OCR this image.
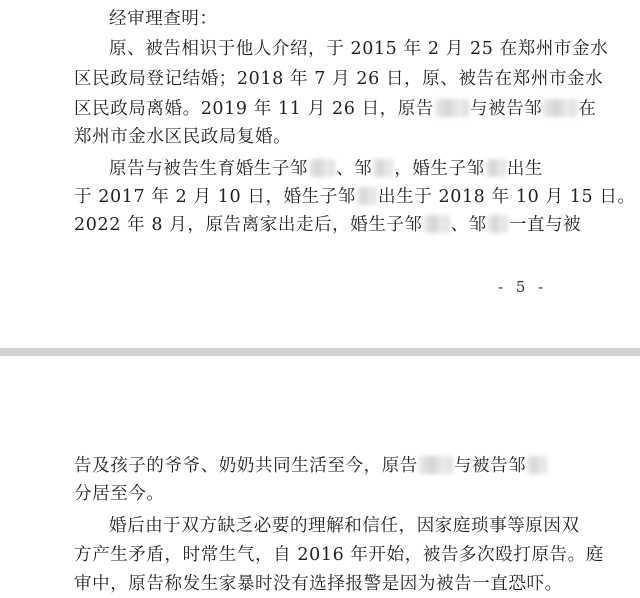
经审理查明：
原、被告相识于他人介绍，于 2015 年 2 月 25 在郑州市金水
区民政局登记结婚；2018 年 7 月 26 日，原、被告在郑州市金水
区民政局离婚。2019 年 11 月 26 日，原告 与被告邹 在
郑州市金水区民政局复婚。
原告与被告生育婚生子邹 、邹 ，婚生子邹 出生
于 2017 年 2 月 10 日，婚生子邹 出生于 2018 年 10 月 15 日。
2022 年 8 月，原告离家出走后，婚生子邹 、邹 一直与被
- 5 -
告及孩子的爷爷、奶奶共同生活至今，原告 与被告邹
分居至今。
婚后由于双方缺乏必要的理解和信任，因家庭琐事等原因双
方产生矛盾，时常生气，自 2016 年开始，被告多次殴打原告。庭
审中，原告称发生家暴时没有选择报警是因为被告一直恐吓。
